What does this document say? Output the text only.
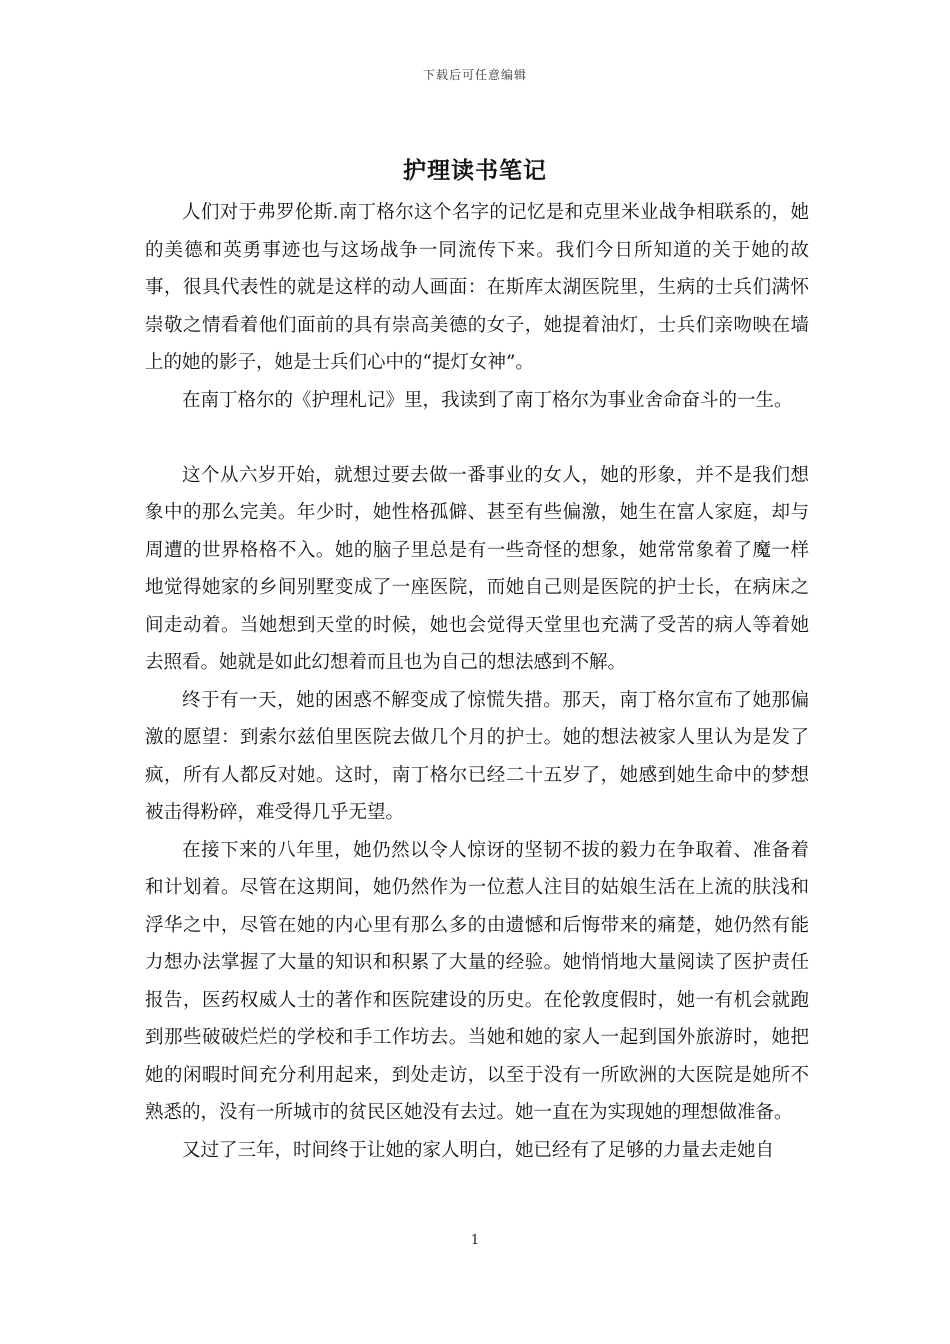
下载后可任意编辑
护理读书笔记

人们对于弗罗伦斯.南丁格尔这个名字的记忆是和克里米业战争相联系的，她的美德和英勇事迹也与这场战争一同流传下来。我们今日所知道的关于她的故事，很具代表性的就是这样的动人画面：在斯库太湖医院里，生病的士兵们满怀崇敬之情看着他们面前的具有崇高美德的女子，她提着油灯，士兵们亲吻映在墙上的她的影子，她是士兵们心中的“提灯女神”。

在南丁格尔的《护理札记》里，我读到了南丁格尔为事业舍命奋斗的一生。

这个从六岁开始，就想过要去做一番事业的女人，她的形象，并不是我们想象中的那么完美。年少时，她性格孤僻、甚至有些偏激，她生在富人家庭，却与周遭的世界格格不入。她的脑子里总是有一些奇怪的想象，她常常象着了魔一样地觉得她家的乡间别墅变成了一座医院，而她自己则是医院的护士长，在病床之间走动着。当她想到天堂的时候，她也会觉得天堂里也充满了受苦的病人等着她去照看。她就是如此幻想着而且也为自己的想法感到不解。

终于有一天，她的困惑不解变成了惊慌失措。那天，南丁格尔宣布了她那偏激的愿望：到索尔兹伯里医院去做几个月的护士。她的想法被家人里认为是发了疯，所有人都反对她。这时，南丁格尔已经二十五岁了，她感到她生命中的梦想被击得粉碎，难受得几乎无望。

在接下来的八年里，她仍然以令人惊讶的坚韧不拔的毅力在争取着、准备着和计划着。尽管在这期间，她仍然作为一位惹人注目的姑娘生活在上流的肤浅和浮华之中，尽管在她的内心里有那么多的由遗憾和后悔带来的痛楚，她仍然有能力想办法掌握了大量的知识和积累了大量的经验。她悄悄地大量阅读了医护责任报告，医药权威人士的著作和医院建设的历史。在伦敦度假时，她一有机会就跑到那些破破烂烂的学校和手工作坊去。当她和她的家人一起到国外旅游时，她把她的闲暇时间充分利用起来，到处走访，以至于没有一所欧洲的大医院是她所不熟悉的，没有一所城市的贫民区她没有去过。她一直在为实现她的理想做准备。

又过了三年，时间终于让她的家人明白，她已经有了足够的力量去走她自

1
